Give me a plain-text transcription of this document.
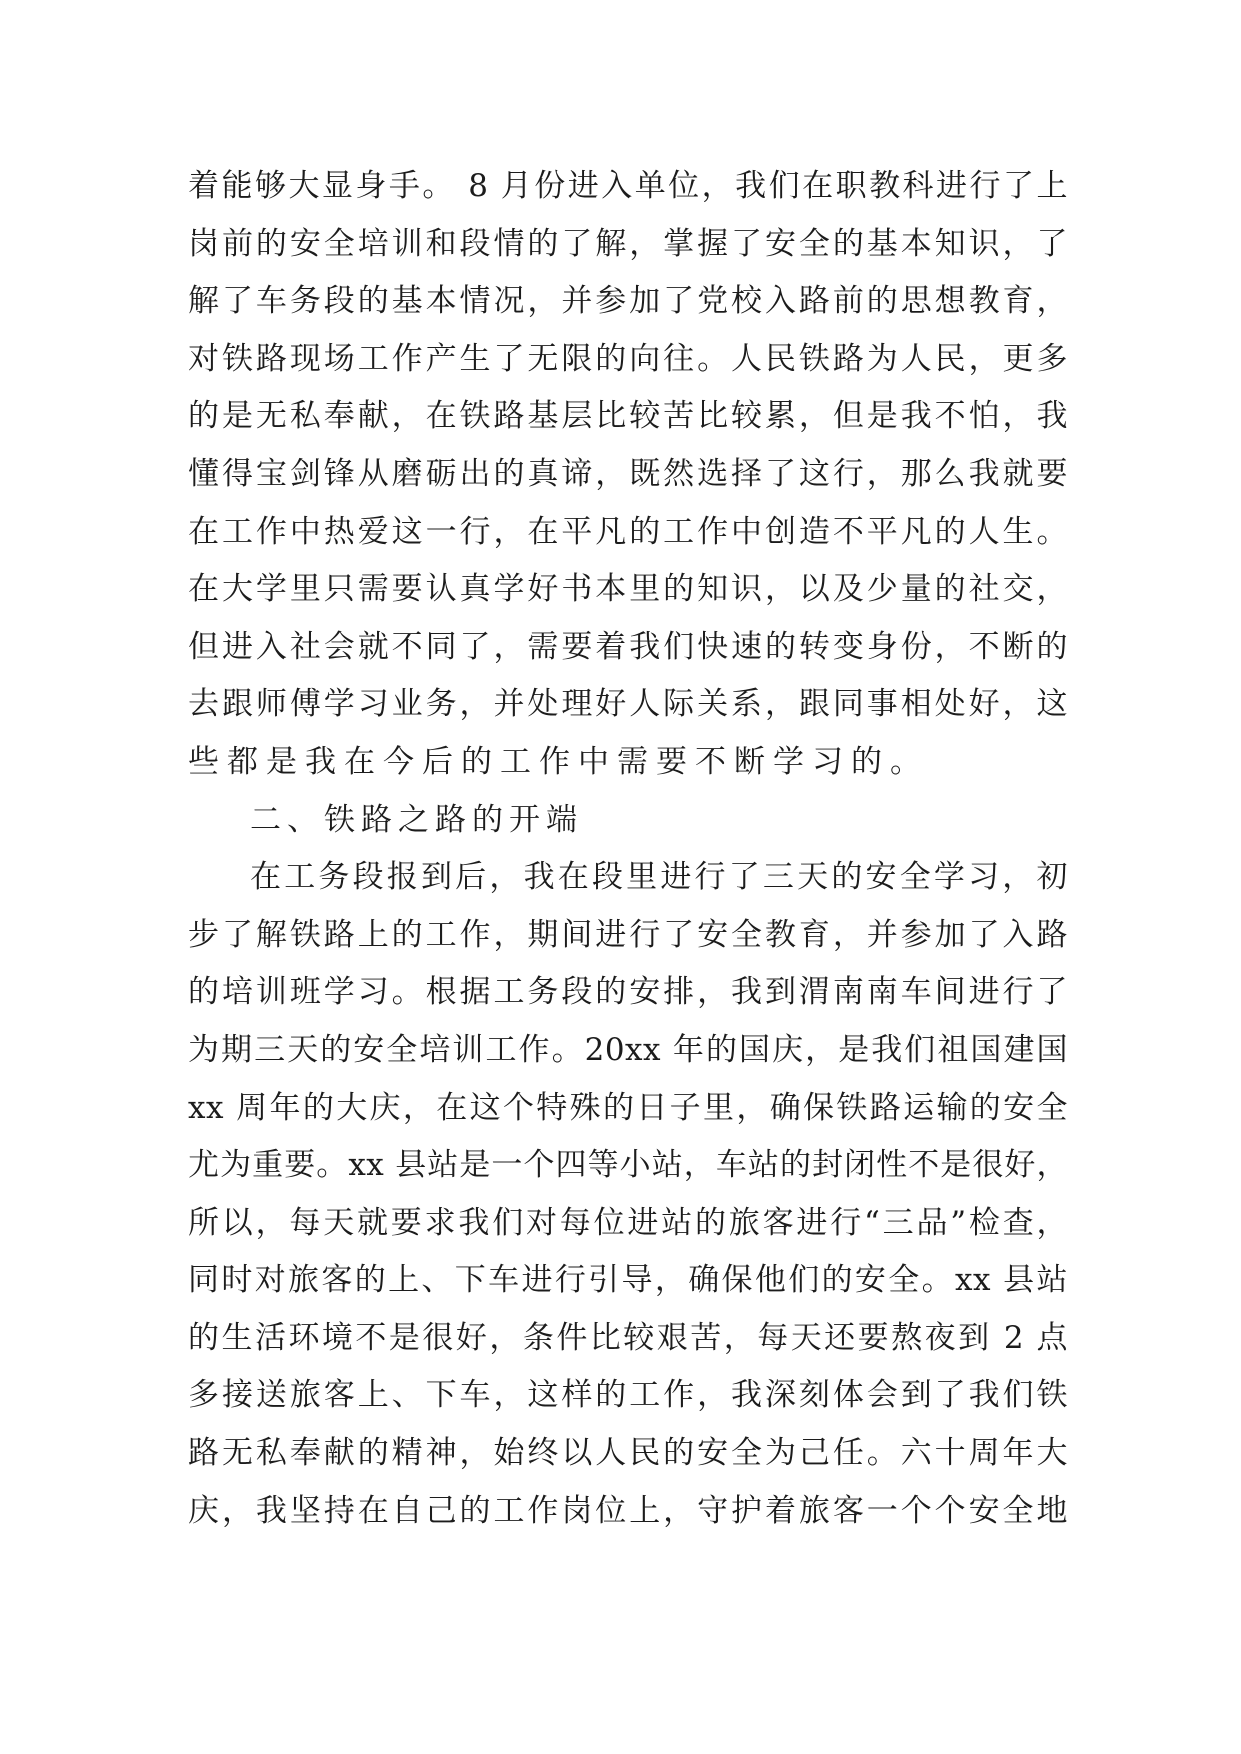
着能够大显身手。 8 月份进入单位，我们在职教科进行了上
岗前的安全培训和段情的了解，掌握了安全的基本知识，了
解了车务段的基本情况，并参加了党校入路前的思想教育，
对铁路现场工作产生了无限的向往。人民铁路为人民，更多
的是无私奉献，在铁路基层比较苦比较累，但是我不怕，我
懂得宝剑锋从磨砺出的真谛，既然选择了这行，那么我就要
在工作中热爱这一行，在平凡的工作中创造不平凡的人生。
在大学里只需要认真学好书本里的知识，以及少量的社交，
但进入社会就不同了，需要着我们快速的转变身份，不断的
去跟师傅学习业务，并处理好人际关系，跟同事相处好，这
些都是我在今后的工作中需要不断学习的。
二、铁路之路的开端
在工务段报到后，我在段里进行了三天的安全学习，初
步了解铁路上的工作，期间进行了安全教育，并参加了入路
的培训班学习。根据工务段的安排，我到渭南南车间进行了
为期三天的安全培训工作。20xx 年的国庆，是我们祖国建国
xx 周年的大庆，在这个特殊的日子里，确保铁路运输的安全
尤为重要。xx 县站是一个四等小站，车站的封闭性不是很好，
所以，每天就要求我们对每位进站的旅客进行“三品”检查，
同时对旅客的上、下车进行引导，确保他们的安全。xx 县站
的生活环境不是很好，条件比较艰苦，每天还要熬夜到 2 点
多接送旅客上、下车，这样的工作，我深刻体会到了我们铁
路无私奉献的精神，始终以人民的安全为己任。六十周年大
庆，我坚持在自己的工作岗位上，守护着旅客一个个安全地
